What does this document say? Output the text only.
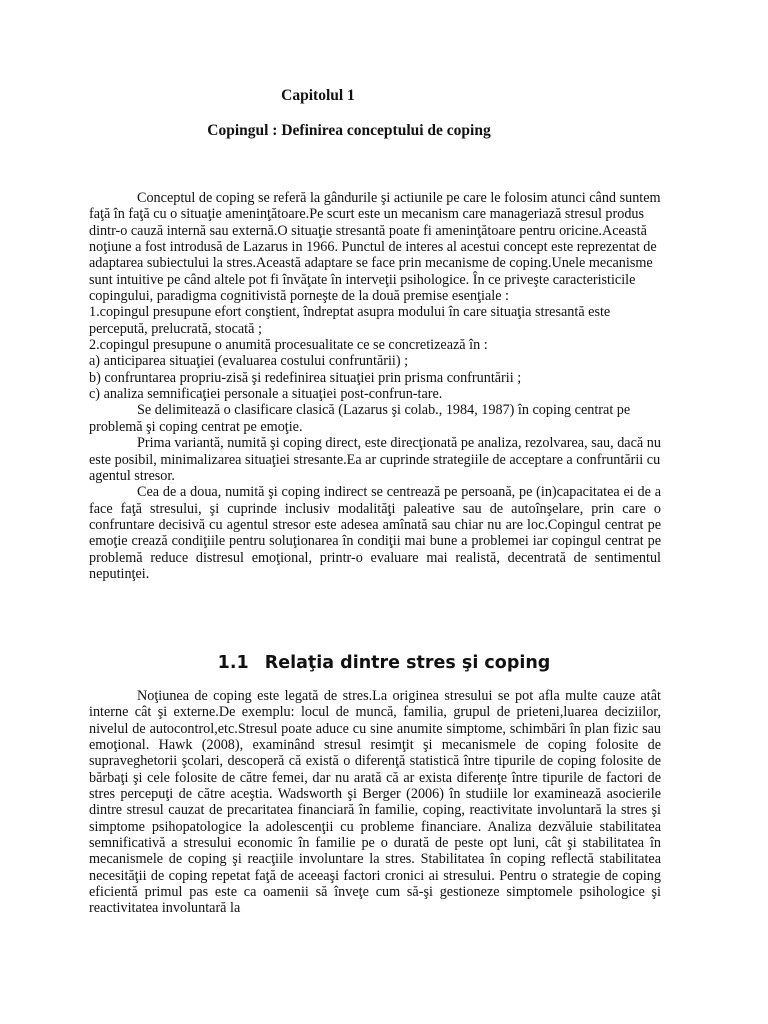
Capitolul 1
Copingul : Definirea conceptului de coping

Conceptul de coping se referă la gândurile şi actiunile pe care le folosim atunci când suntem faţă în faţă cu o situaţie ameninţătoare.Pe scurt este un mecanism care manageriază stresul produs dintr-o cauză internă sau externă.O situaţie stresantă poate fi ameninţătoare pentru oricine.Această noţiune a fost introdusă de Lazarus in 1966. Punctul de interes al acestui concept este reprezentat de adaptarea subiectului la stres.Această adaptare se face prin mecanisme de coping.Unele mecanisme sunt intuitive pe când altele pot fi învăţate în interveţii psihologice. În ce priveşte caracteristicile copingului, paradigma cognitivistă porneşte de la două premise esenţiale :

1.copingul presupune efort conştient, îndreptat asupra modului în care situaţia stresantă este percepută, prelucrată, stocată ;

2.copingul presupune o anumită procesualitate ce se concretizează în :

a) anticiparea situaţiei (evaluarea costului confruntării) ;

b) confruntarea propriu-zisă şi redefinirea situaţiei prin prisma confruntării ;

c) analiza semnificaţiei personale a situaţiei post-confrun-tare.

Se delimitează o clasificare clasică (Lazarus şi colab., 1984, 1987) în coping centrat pe problemă şi coping centrat pe emoţie.

Prima variantă, numită şi coping direct, este direcţionată pe analiza, rezolvarea, sau, dacă nu este posibil, minimalizarea situaţiei stresante.Ea ar cuprinde strategiile de acceptare a confruntării cu agentul stresor.

Cea de a doua, numită şi coping indirect se centrează pe persoană, pe (in)capacitatea ei de a face faţă stresului, şi cuprinde inclusiv modalităţi paleative sau de autoînşelare, prin care o confruntare decisivă cu agentul stresor este adesea amînată sau chiar nu are loc.Copingul centrat pe emoţie crează condiţiile pentru soluţionarea în condiţii mai bune a problemei iar copingul centrat pe problemă reduce distresul emoţional, printr-o evaluare mai realistă, decentrată de sentimentul neputinţei.

1.1 Relaţia dintre stres şi coping

Noţiunea de coping este legată de stres.La originea stresului se pot afla multe cauze atât interne cât şi externe.De exemplu: locul de muncă, familia, grupul de prieteni,luarea deciziilor, nivelul de autocontrol,etc.Stresul poate aduce cu sine anumite simptome, schimbări în plan fizic sau emoţional. Hawk (2008), examinând stresul resimţit şi mecanismele de coping folosite de supraveghetorii şcolari, descoperă că există o diferenţă statistică între tipurile de coping folosite de bărbaţi şi cele folosite de către femei, dar nu arată că ar exista diferenţe între tipurile de factori de stres percepuţi de către aceştia. Wadsworth şi Berger (2006) în studiile lor examinează asocierile dintre stresul cauzat de precaritatea financiară în familie, coping, reactivitate involuntară la stres şi simptome psihopatologice la adolescenţii cu probleme financiare. Analiza dezvăluie stabilitatea semnificativă a stresului economic în familie pe o durată de peste opt luni, cât şi stabilitatea în mecanismele de coping şi reacţiile involuntare la stres. Stabilitatea în coping reflectă stabilitatea necesităţii de coping repetat faţă de aceeaşi factori cronici ai stresului. Pentru o strategie de coping eficientă primul pas este ca oamenii să înveţe cum să-şi gestioneze simptomele psihologice şi reactivitatea involuntară la
